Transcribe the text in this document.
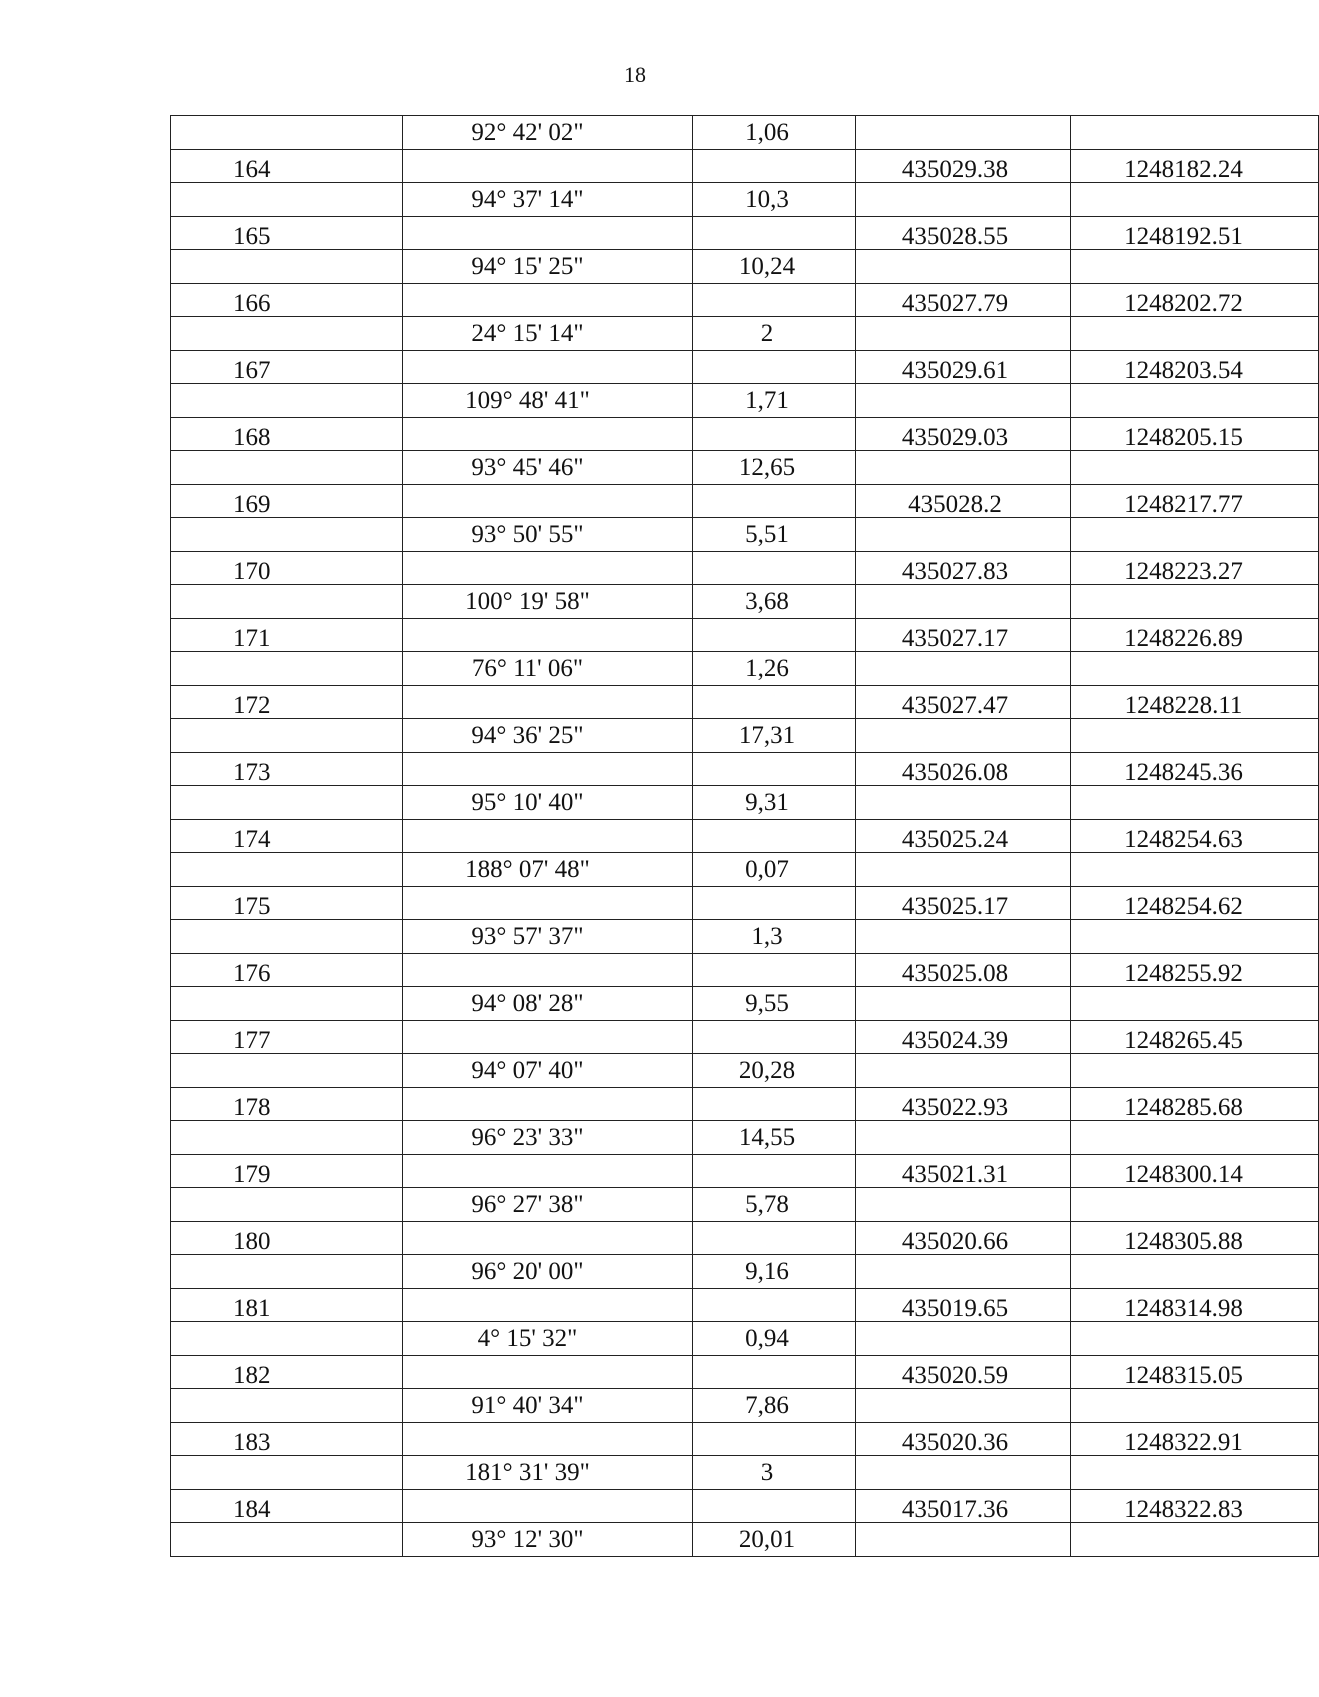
18
	92° 42' 02"	1,06		
164			435029.38	1248182.24
	94° 37' 14"	10,3		
165			435028.55	1248192.51
	94° 15' 25"	10,24		
166			435027.79	1248202.72
	24° 15' 14"	2		
167			435029.61	1248203.54
	109° 48' 41"	1,71		
168			435029.03	1248205.15
	93° 45' 46"	12,65		
169			435028.2	1248217.77
	93° 50' 55"	5,51		
170			435027.83	1248223.27
	100° 19' 58"	3,68		
171			435027.17	1248226.89
	76° 11' 06"	1,26		
172			435027.47	1248228.11
	94° 36' 25"	17,31		
173			435026.08	1248245.36
	95° 10' 40"	9,31		
174			435025.24	1248254.63
	188° 07' 48"	0,07		
175			435025.17	1248254.62
	93° 57' 37"	1,3		
176			435025.08	1248255.92
	94° 08' 28"	9,55		
177			435024.39	1248265.45
	94° 07' 40"	20,28		
178			435022.93	1248285.68
	96° 23' 33"	14,55		
179			435021.31	1248300.14
	96° 27' 38"	5,78		
180			435020.66	1248305.88
	96° 20' 00"	9,16		
181			435019.65	1248314.98
	4° 15' 32"	0,94		
182			435020.59	1248315.05
	91° 40' 34"	7,86		
183			435020.36	1248322.91
	181° 31' 39"	3		
184			435017.36	1248322.83
	93° 12' 30"	20,01		
